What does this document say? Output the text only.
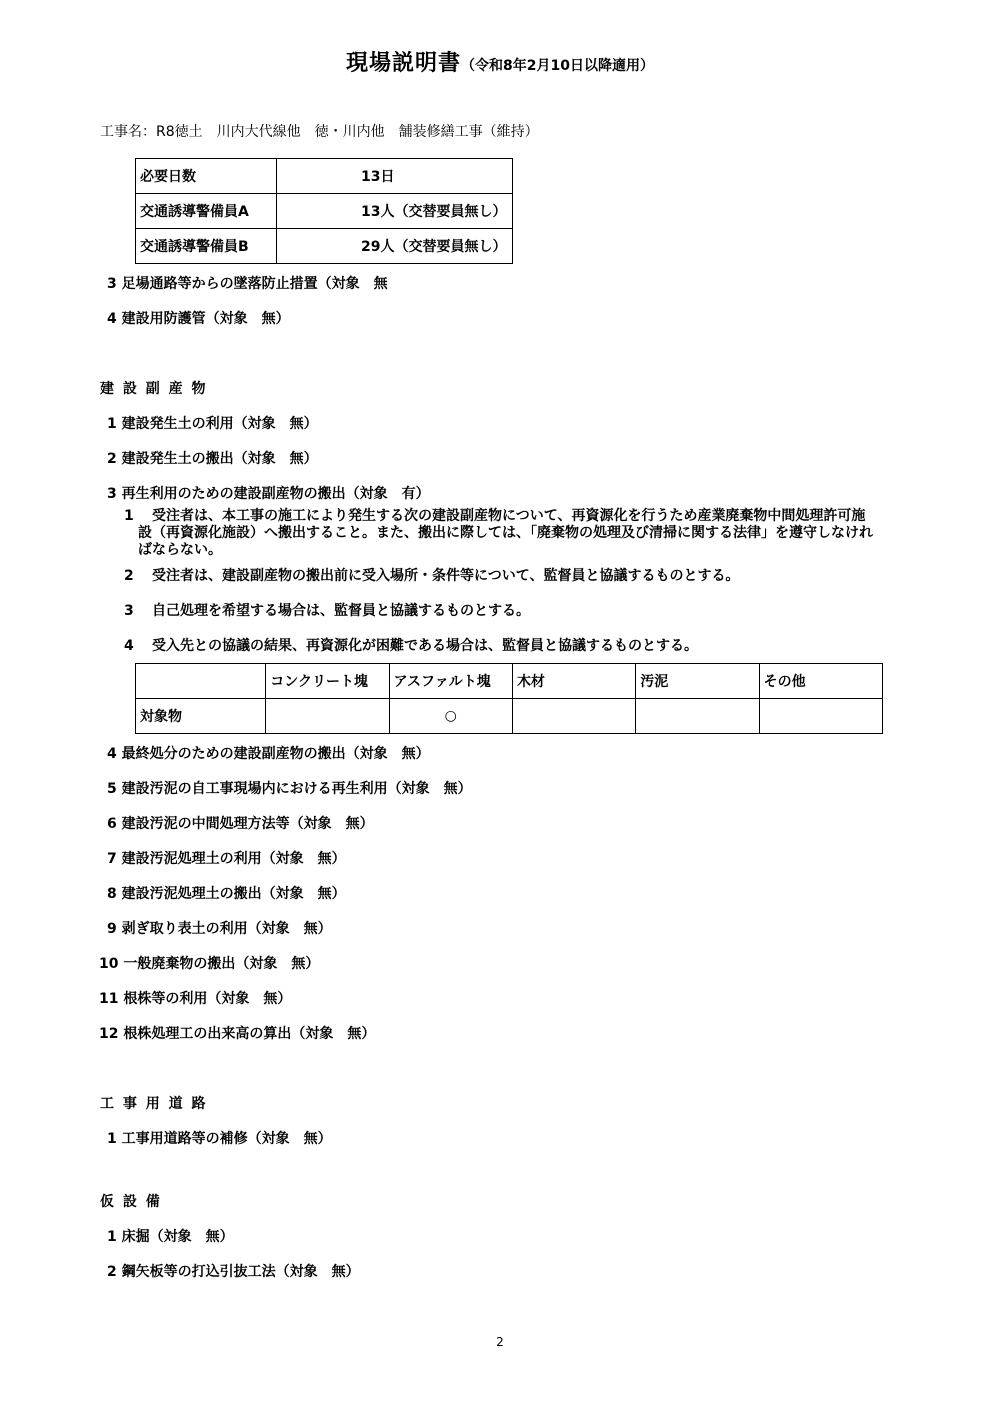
現場説明書（令和8年2月10日以降適用）
工事名：R8徳土　川内大代線他　徳・川内他　舗装修繕工事（維持）
必要日数	13日
交通誘導警備員A	13人（交替要員無し）
交通誘導警備員B	29人（交替要員無し）
3 足場通路等からの墜落防止措置（対象　無
4 建設用防護管（対象　無）
建 設 副 産 物
1 建設発生土の利用（対象　無）
2 建設発生土の搬出（対象　無）
3 再生利用のための建設副産物の搬出（対象　有）
1 　受注者は、本工事の施工により発生する次の建設副産物について、再資源化を行うため産業廃棄物中間処理許可施設（再資源化施設）へ搬出すること。また、搬出に際しては、「廃棄物の処理及び清掃に関する法律」を遵守しなければならない。
2 　受注者は、建設副産物の搬出前に受入場所・条件等について、監督員と協議するものとする。
3 　自己処理を希望する場合は、監督員と協議するものとする。
4 　受入先との協議の結果、再資源化が困難である場合は、監督員と協議するものとする。
	コンクリート塊	アスファルト塊	木材	汚泥	その他
対象物		○			
4 最終処分のための建設副産物の搬出（対象　無）
5 建設汚泥の自工事現場内における再生利用（対象　無）
6 建設汚泥の中間処理方法等（対象　無）
7 建設汚泥処理土の利用（対象　無）
8 建設汚泥処理土の搬出（対象　無）
9 剥ぎ取り表土の利用（対象　無）
10 一般廃棄物の搬出（対象　無）
11 根株等の利用（対象　無）
12 根株処理工の出来高の算出（対象　無）
工 事 用 道 路
1 工事用道路等の補修（対象　無）
仮 設 備
1 床掘（対象　無）
2 鋼矢板等の打込引抜工法（対象　無）
2
